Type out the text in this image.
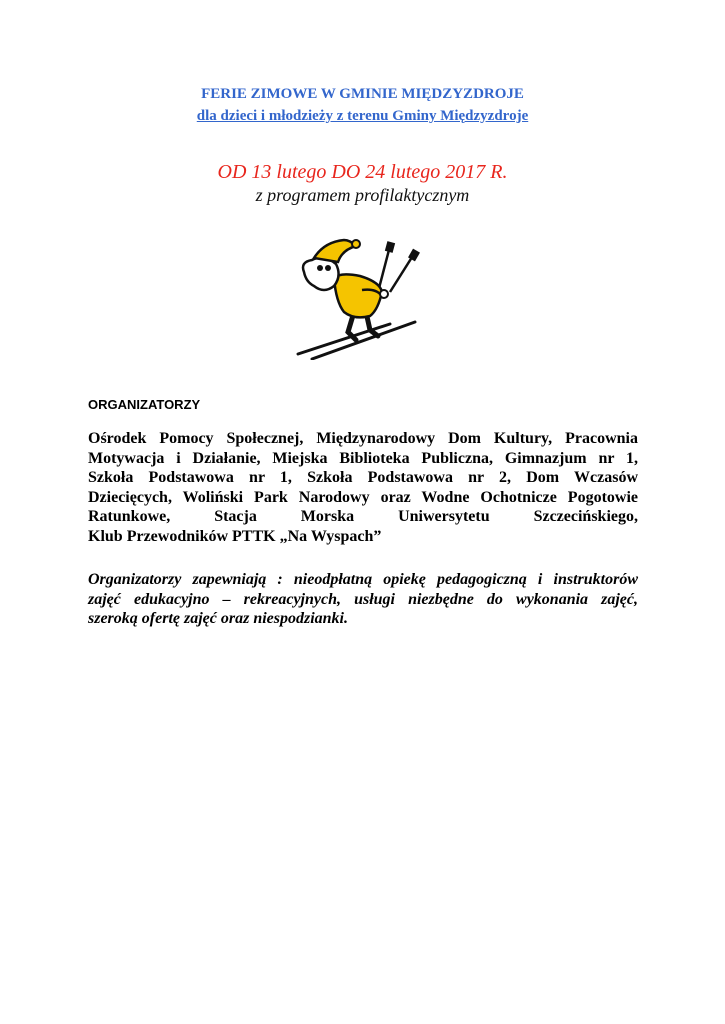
FERIE ZIMOWE W GMINIE MIĘDZYZDROJE
dla dzieci i młodzieży z terenu Gminy Międzyzdroje
OD 13 lutego DO 24 lutego 2017 R.
z programem profilaktycznym
ORGANIZATORZY
Ośrodek Pomocy Społecznej, Międzynarodowy Dom Kultury, Pracownia
Motywacja i Działanie, Miejska Biblioteka Publiczna, Gimnazjum nr 1,
Szkoła Podstawowa nr 1, Szkoła Podstawowa nr 2, Dom Wczasów
Dziecięcych, Woliński Park Narodowy oraz Wodne Ochotnicze Pogotowie
Ratunkowe, Stacja Morska Uniwersytetu Szczecińskiego,
Klub Przewodników PTTK „Na Wyspach”
Organizatorzy zapewniają : nieodpłatną opiekę pedagogiczną i instruktorów
zajęć edukacyjno – rekreacyjnych, usługi niezbędne do wykonania zajęć,
szeroką ofertę zajęć oraz niespodzianki.
